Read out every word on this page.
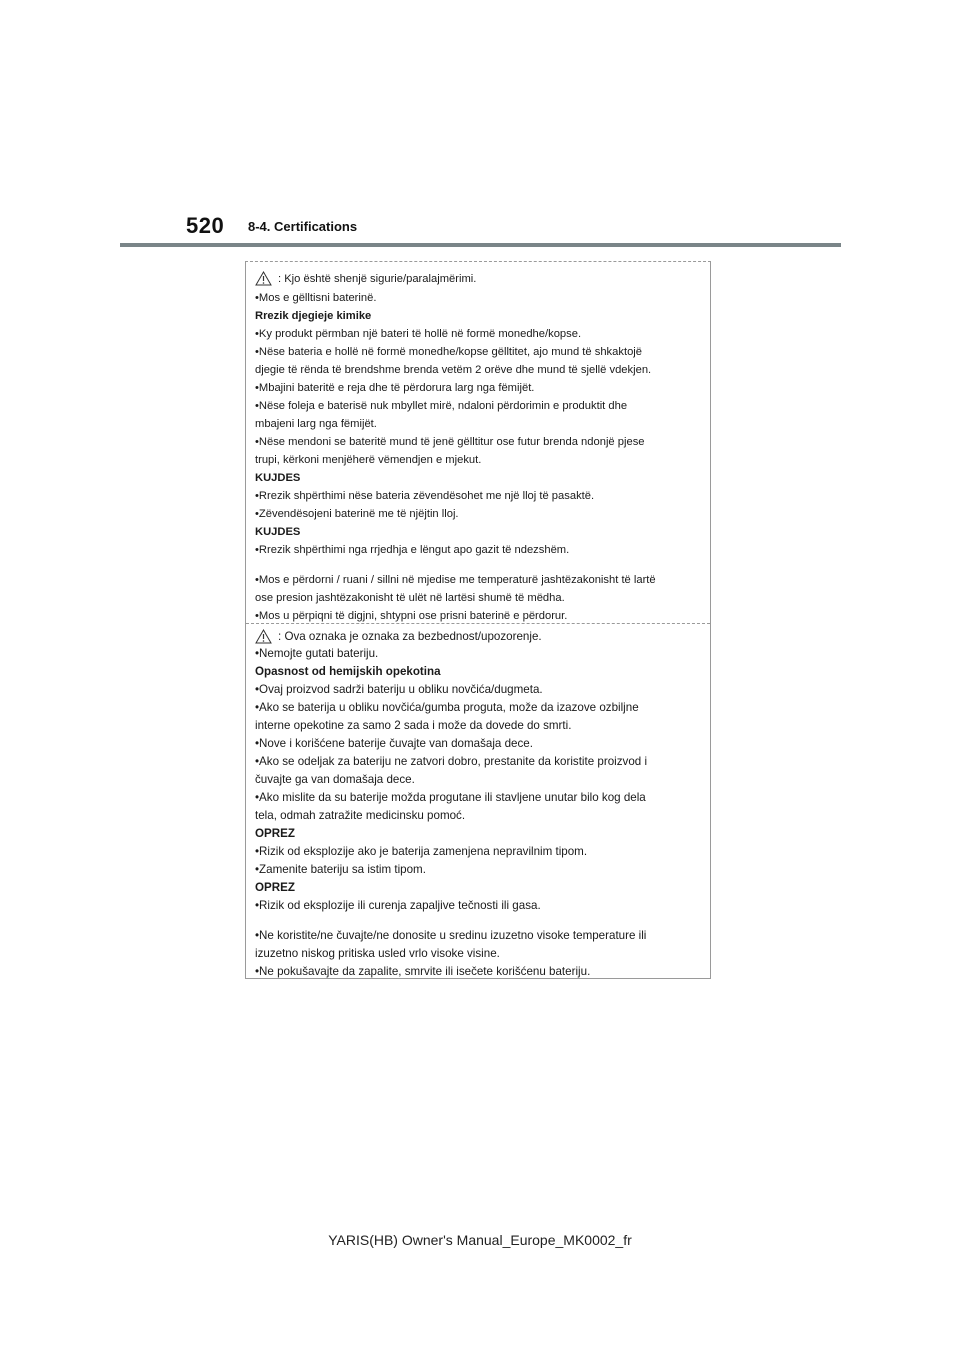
520 8-4. Certifications
: Kjo është shenjë sigurie/paralajmërimi.
•Mos e gëlltisni baterinë.
Rrezik djegieje kimike
•Ky produkt përmban një bateri të hollë në formë monedhe/kopse.
•Nëse bateria e hollë në formë monedhe/kopse gëlltitet, ajo mund të shkaktojë
djegie të rënda të brendshme brenda vetëm 2 orëve dhe mund të sjellë vdekjen.
•Mbajini bateritë e reja dhe të përdorura larg nga fëmijët.
•Nëse foleja e baterisë nuk mbyllet mirë, ndaloni përdorimin e produktit dhe
mbajeni larg nga fëmijët.
•Nëse mendoni se bateritë mund të jenë gëlltitur ose futur brenda ndonjë pjese
trupi, kërkoni menjëherë vëmendjen e mjekut.
KUJDES
•Rrezik shpërthimi nëse bateria zëvendësohet me një lloj të pasaktë.
•Zëvendësojeni baterinë me të njëjtin lloj.
KUJDES
•Rrezik shpërthimi nga rrjedhja e lëngut apo gazit të ndezshëm.
•Mos e përdorni / ruani / sillni në mjedise me temperaturë jashtëzakonisht të lartë
ose presion jashtëzakonisht të ulët në lartësi shumë të mëdha.
•Mos u përpiqni të digjni, shtypni ose prisni baterinë e përdorur.
: Ova oznaka je oznaka za bezbednost/upozorenje.
•Nemojte gutati bateriju.
Opasnost od hemijskih opekotina
•Ovaj proizvod sadrži bateriju u obliku novčića/dugmeta.
•Ako se baterija u obliku novčića/gumba proguta, može da izazove ozbiljne
interne opekotine za samo 2 sada i može da dovede do smrti.
•Nove i korišćene baterije čuvajte van domašaja dece.
•Ako se odeljak za bateriju ne zatvori dobro, prestanite da koristite proizvod i
čuvajte ga van domašaja dece.
•Ako mislite da su baterije možda progutane ili stavljene unutar bilo kog dela
tela, odmah zatražite medicinsku pomoć.
OPREZ
•Rizik od eksplozije ako je baterija zamenjena nepravilnim tipom.
•Zamenite bateriju sa istim tipom.
OPREZ
•Rizik od eksplozije ili curenja zapaljive tečnosti ili gasa.
•Ne koristite/ne čuvajte/ne donosite u sredinu izuzetno visoke temperature ili
izuzetno niskog pritiska usled vrlo visoke visine.
•Ne pokušavajte da zapalite, smrvite ili isečete korišćenu bateriju.
YARIS(HB) Owner's Manual_Europe_MK0002_fr
